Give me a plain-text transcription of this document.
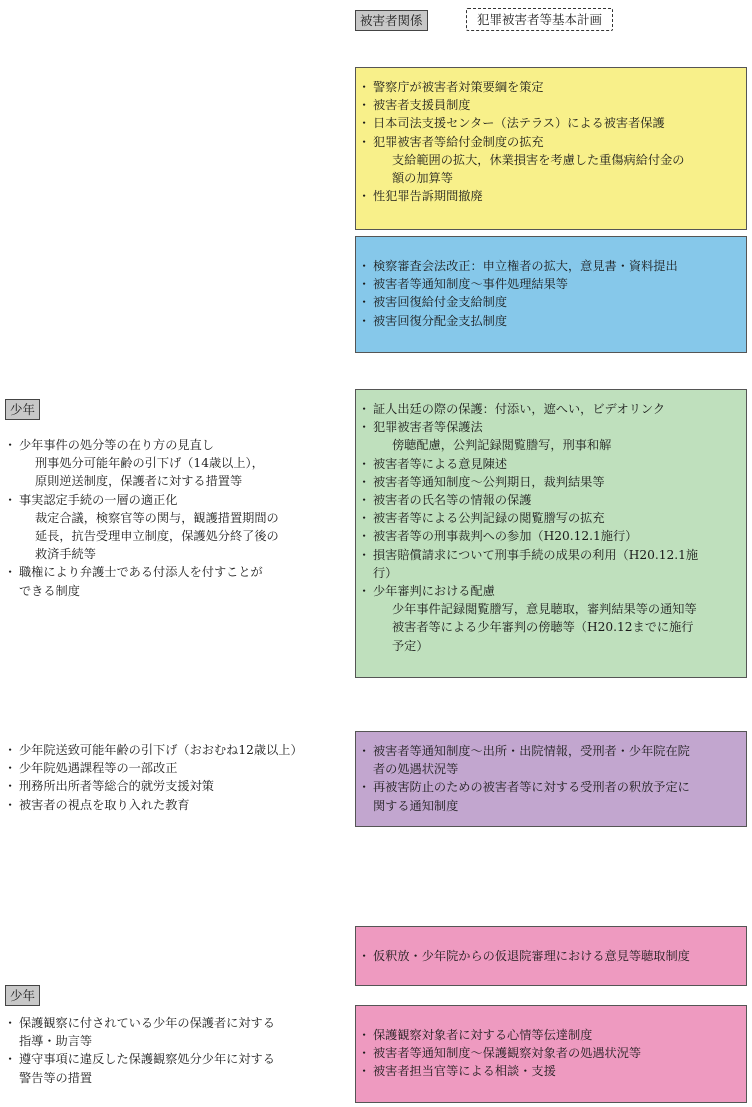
被害者関係	犯罪被害者等基本計画
・ 警察庁が被害者対策要綱を策定
・ 被害者支援員制度
・ 日本司法支援センター（法テラス）による被害者保護
・ 犯罪被害者等給付金制度の拡充
支給範囲の拡大，休業損害を考慮した重傷病給付金の
額の加算等
・ 性犯罪告訴期間撤廃
・ 検察審査会法改正：申立権者の拡大，意見書・資料提出
・ 被害者等通知制度～事件処理結果等
・ 被害回復給付金支給制度
・ 被害回復分配金支払制度
少年
・ 少年事件の処分等の在り方の見直し
刑事処分可能年齢の引下げ（14歳以上），
原則逆送制度，保護者に対する措置等
・ 事実認定手続の一層の適正化
裁定合議，検察官等の関与，観護措置期間の
延長，抗告受理申立制度，保護処分終了後の
救済手続等
・ 職権により弁護士である付添人を付すことが
できる制度
・ 証人出廷の際の保護：付添い，遮へい，ビデオリンク
・ 犯罪被害者等保護法
傍聴配慮，公判記録閲覧謄写，刑事和解
・ 被害者等による意見陳述
・ 被害者等通知制度～公判期日，裁判結果等
・ 被害者の氏名等の情報の保護
・ 被害者等による公判記録の閲覧謄写の拡充
・ 被害者等の刑事裁判への参加（H20.12.1施行）
・ 損害賠償請求について刑事手続の成果の利用（H20.12.1施
行）
・ 少年審判における配慮
少年事件記録閲覧謄写，意見聴取，審判結果等の通知等
被害者等による少年審判の傍聴等（H20.12までに施行
予定）
・ 少年院送致可能年齢の引下げ（おおむね12歳以上）
・ 少年院処遇課程等の一部改正
・ 刑務所出所者等総合的就労支援対策
・ 被害者の視点を取り入れた教育
・ 被害者等通知制度～出所・出院情報，受刑者・少年院在院
者の処遇状況等
・ 再被害防止のための被害者等に対する受刑者の釈放予定に
関する通知制度
・ 仮釈放・少年院からの仮退院審理における意見等聴取制度
少年
・ 保護観察に付されている少年の保護者に対する
指導・助言等
・ 遵守事項に違反した保護観察処分少年に対する
警告等の措置
・ 保護観察対象者に対する心情等伝達制度
・ 被害者等通知制度～保護観察対象者の処遇状況等
・ 被害者担当官等による相談・支援
